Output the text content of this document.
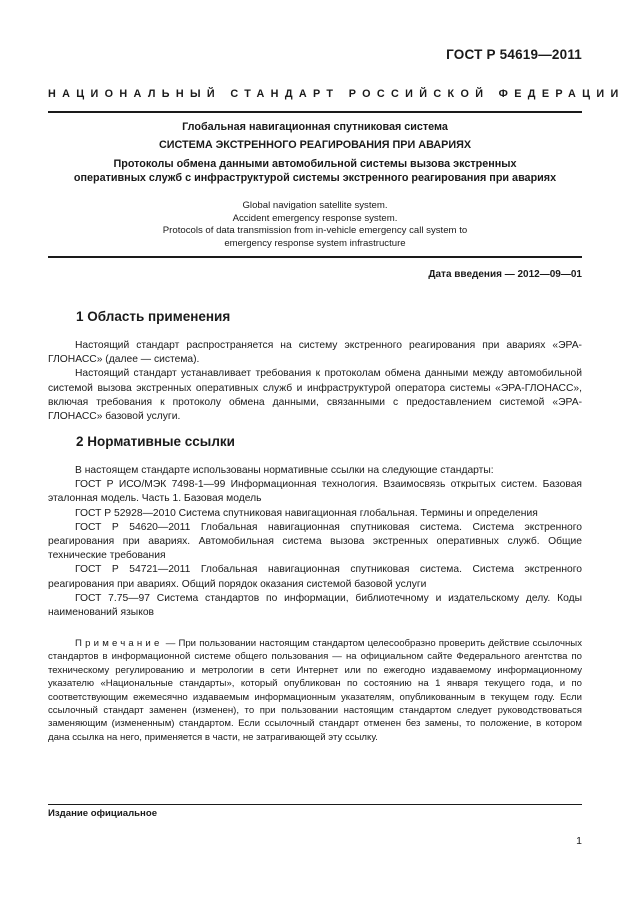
ГОСТ Р 54619—2011
НАЦИОНАЛЬНЫЙ СТАНДАРТ РОССИЙСКОЙ ФЕДЕРАЦИИ
Глобальная навигационная спутниковая система
СИСТЕМА ЭКСТРЕННОГО РЕАГИРОВАНИЯ ПРИ АВАРИЯХ
Протоколы обмена данными автомобильной системы вызова экстренных
оперативных служб с инфраструктурой системы экстренного реагирования при авариях
Global navigation satellite system.
Accident emergency response system.
Protocols of data transmission from in-vehicle emergency call system to
emergency response system infrastructure
Дата введения — 2012—09—01
1 Область применения

Настоящий стандарт распространяется на систему экстренного реагирования при авариях «ЭРА-ГЛОНАСС» (далее — система).

Настоящий стандарт устанавливает требования к протоколам обмена данными между автомобильной системой вызова экстренных оперативных служб и инфраструктурой оператора системы «ЭРА-ГЛОНАСС», включая требования к протоколу обмена данными, связанными с предоставлением системой «ЭРА-ГЛОНАСС» базовой услуги.

2 Нормативные ссылки

В настоящем стандарте использованы нормативные ссылки на следующие стандарты:

ГОСТ Р ИСО/МЭК 7498-1—99 Информационная технология. Взаимосвязь открытых систем. Базовая эталонная модель. Часть 1. Базовая модель

ГОСТ Р 52928—2010 Система спутниковая навигационная глобальная. Термины и определения

ГОСТ Р 54620—2011 Глобальная навигационная спутниковая система. Система экстренного реагирования при авариях. Автомобильная система вызова экстренных оперативных служб. Общие технические требования

ГОСТ Р 54721—2011 Глобальная навигационная спутниковая система. Система экстренного реагирования при авариях. Общий порядок оказания системой базовой услуги

ГОСТ 7.75—97 Система стандартов по информации, библиотечному и издательскому делу. Коды наименований языков

Примечание — При пользовании настоящим стандартом целесообразно проверить действие ссылочных стандартов в информационной системе общего пользования — на официальном сайте Федерального агентства по техническому регулированию и метрологии в сети Интернет или по ежегодно издаваемому информационному указателю «Национальные стандарты», который опубликован по состоянию на 1 января текущего года, и по соответствующим ежемесячно издаваемым информационным указателям, опубликованным в текущем году. Если ссылочный стандарт заменен (изменен), то при пользовании настоящим стандартом следует руководствоваться заменяющим (измененным) стандартом. Если ссылочный стандарт отменен без замены, то положение, в котором дана ссылка на него, применяется в части, не затрагивающей эту ссылку.

Издание официальное
1
